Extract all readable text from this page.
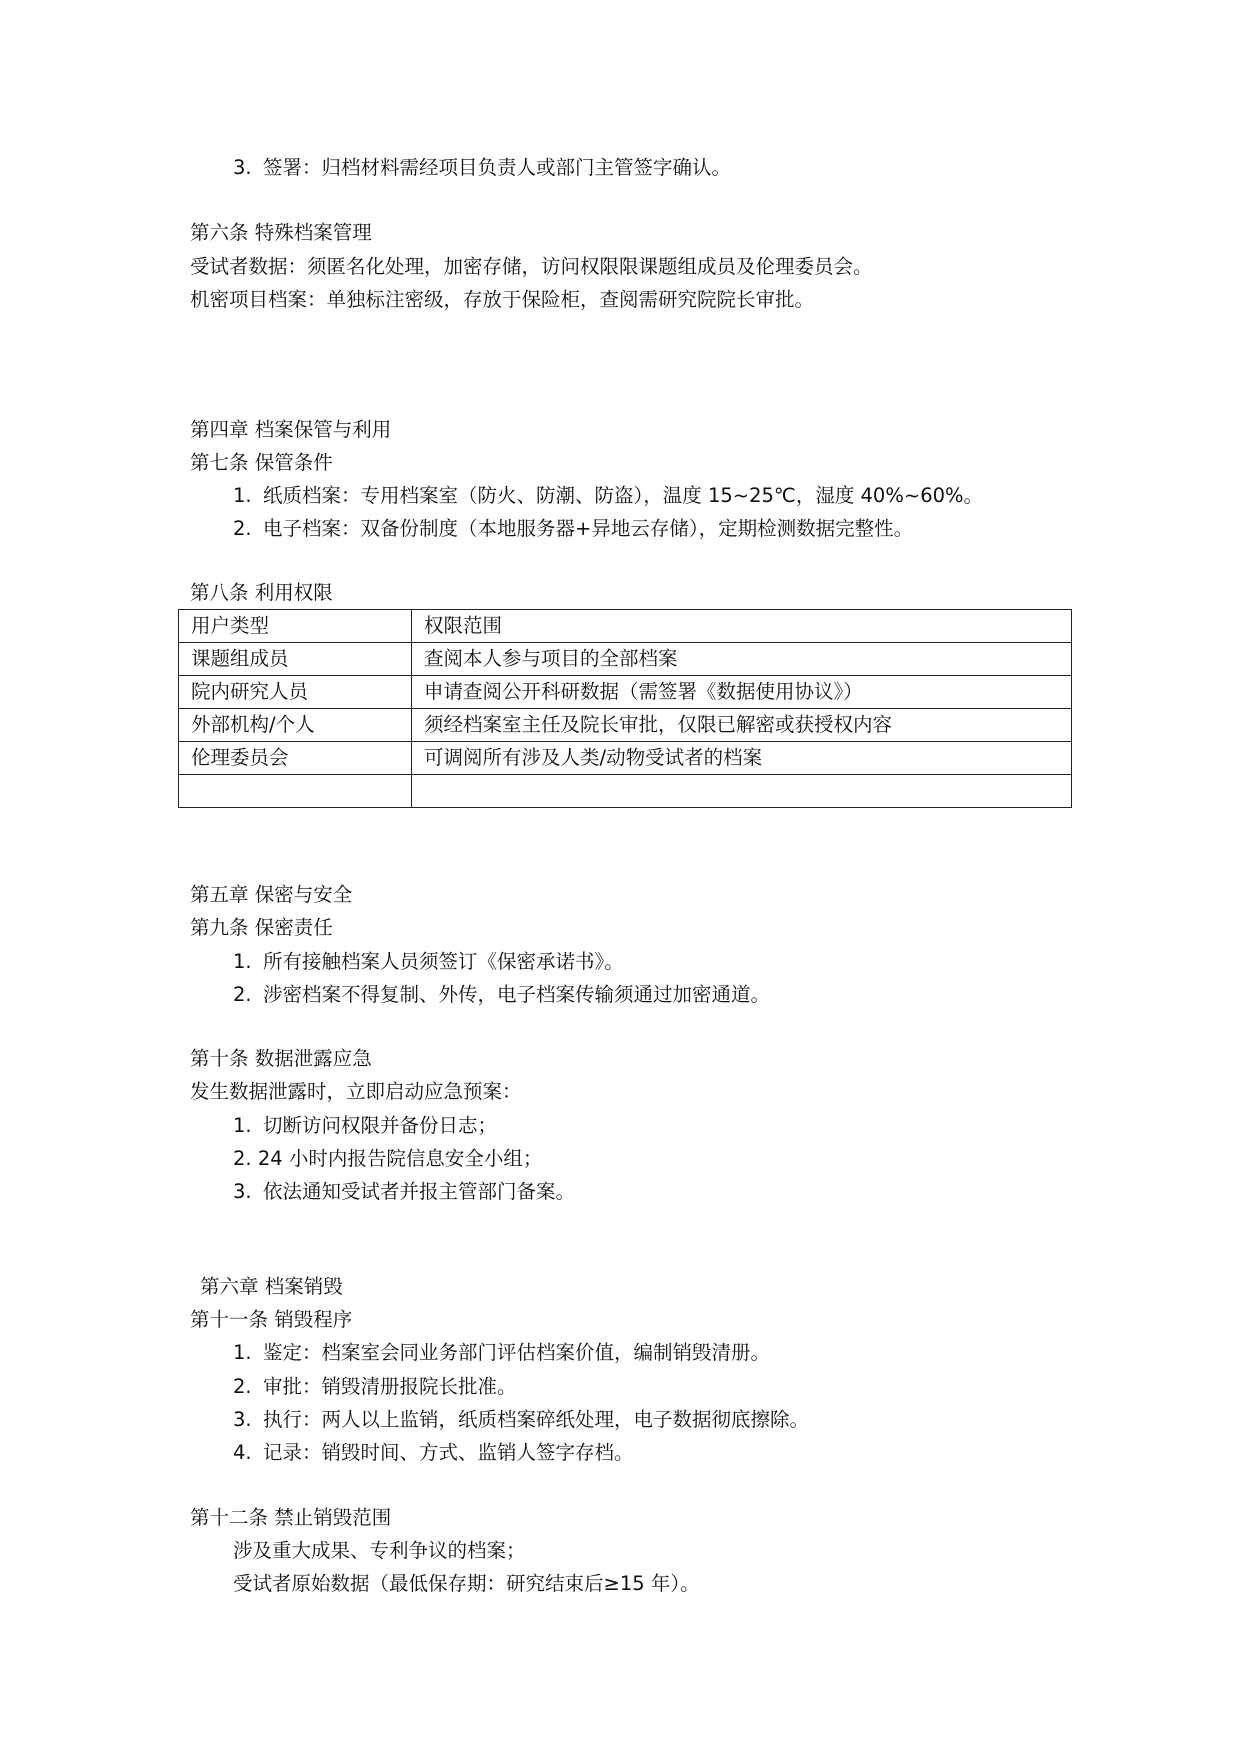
3. 签署：归档材料需经项目负责人或部门主管签字确认。
第六条 特殊档案管理
受试者数据：须匿名化处理，加密存储，访问权限限课题组成员及伦理委员会。
机密项目档案：单独标注密级，存放于保险柜，查阅需研究院院长审批。
第四章 档案保管与利用
第七条 保管条件
1. 纸质档案：专用档案室（防火、防潮、防盗），温度 15~25℃，湿度 40%~60%。
2. 电子档案：双备份制度（本地服务器+异地云存储），定期检测数据完整性。
第八条 利用权限
用户类型	权限范围
课题组成员	查阅本人参与项目的全部档案
院内研究人员	申请查阅公开科研数据（需签署《数据使用协议》）
外部机构/个人	须经档案室主任及院长审批，仅限已解密或获授权内容
伦理委员会	可调阅所有涉及人类/动物受试者的档案

第五章 保密与安全
第九条 保密责任
1. 所有接触档案人员须签订《保密承诺书》。
2. 涉密档案不得复制、外传，电子档案传输须通过加密通道。
第十条 数据泄露应急
发生数据泄露时，立即启动应急预案：
1. 切断访问权限并备份日志；
2. 24 小时内报告院信息安全小组；
3. 依法通知受试者并报主管部门备案。
第六章 档案销毁
第十一条 销毁程序
1. 鉴定：档案室会同业务部门评估档案价值，编制销毁清册。
2. 审批：销毁清册报院长批准。
3. 执行：两人以上监销，纸质档案碎纸处理，电子数据彻底擦除。
4. 记录：销毁时间、方式、监销人签字存档。
第十二条 禁止销毁范围
涉及重大成果、专利争议的档案；
受试者原始数据（最低保存期：研究结束后≥15 年）。
